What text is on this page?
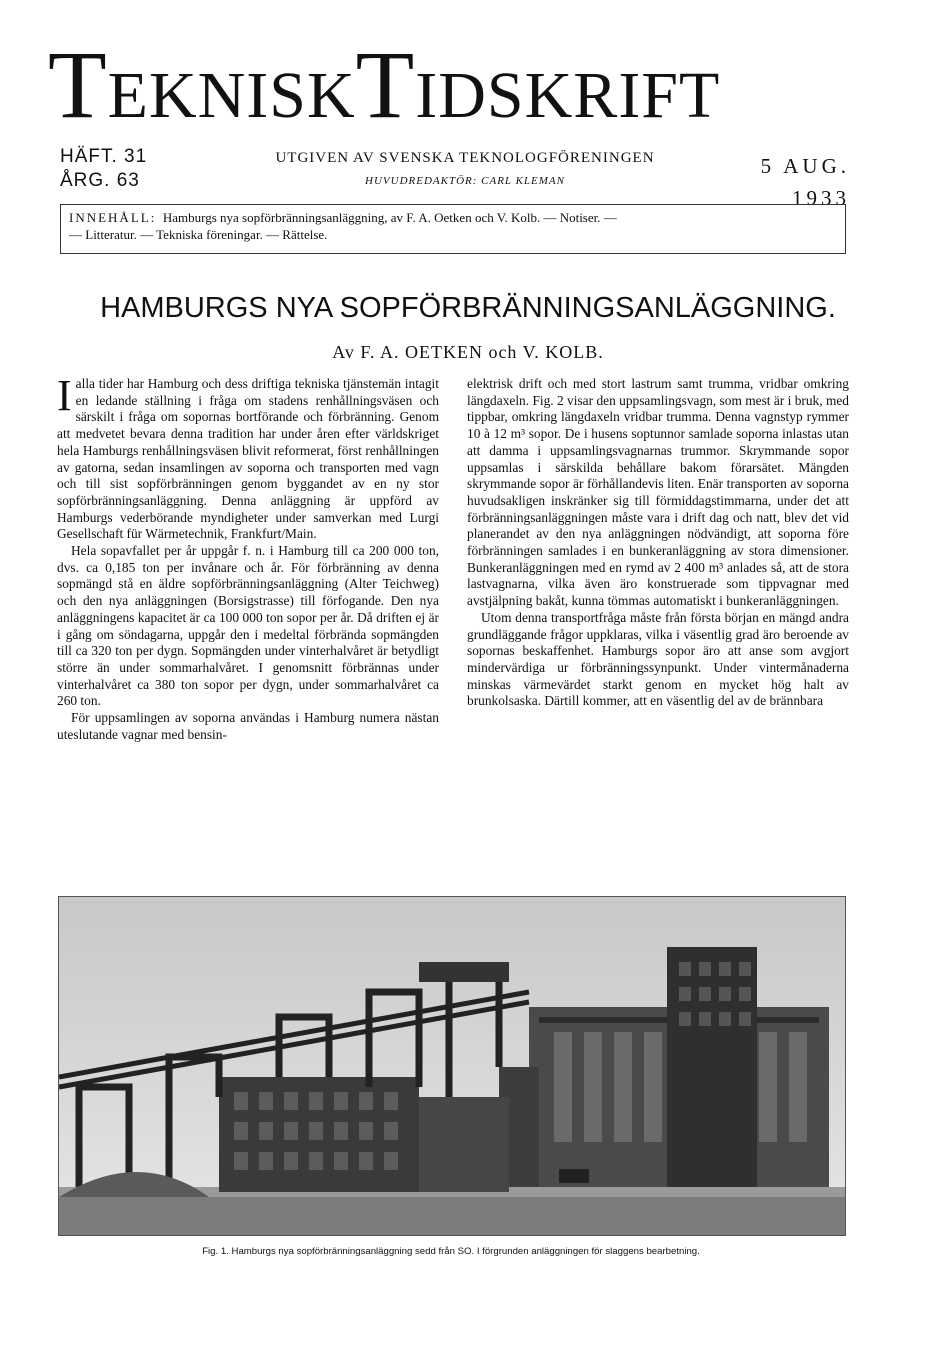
TEKNISKTIDSKRIFT
HÄFT. 31
ÅRG. 63
UTGIVEN AV SVENSKA TEKNOLOGFÖRENINGEN
HUVUDREDAKTÖR: CARL KLEMAN
5 AUG.
1933
INNEHÅLL: Hamburgs nya sopförbränningsanläggning, av F. A. Oetken och V. Kolb. — Notiser. —
— Litteratur. — Tekniska föreningar. — Rättelse.
HAMBURGS NYA SOPFÖRBRÄNNINGSANLÄGGNING.
Av F. A. OETKEN och V. KOLB.

Ialla tider har Hamburg och dess driftiga tekniska tjänstemän intagit en ledande ställning i fråga om stadens renhållningsväsen och särskilt i fråga om sopornas bortförande och förbränning. Genom att medvetet bevara denna tradition har under åren efter världskriget hela Hamburgs renhållningsväsen blivit reformerat, först renhållningen av gatorna, sedan insamlingen av soporna och transporten med vagn och till sist sopförbränningen genom byggandet av en ny stor sopförbränningsanläggning. Denna anläggning är uppförd av Hamburgs vederbörande myndigheter under samverkan med Lurgi Gesellschaft für Wärmetechnik, Frankfurt/Main.

Hela sopavfallet per år uppgår f. n. i Hamburg till ca 200 000 ton, dvs. ca 0,185 ton per invånare och år. För förbränning av denna sopmängd stå en äldre sopförbränningsanläggning (Alter Teichweg) och den nya anläggningen (Borsigstrasse) till förfogande. Den nya anläggningens kapacitet är ca 100 000 ton sopor per år. Då driften ej är i gång om söndagarna, uppgår den i medeltal förbrända sopmängden till ca 320 ton per dygn. Sopmängden under vinterhalvåret är betydligt större än under sommarhalvåret. I genomsnitt förbrännas under vinterhalvåret ca 380 ton sopor per dygn, under sommarhalvåret ca 260 ton.

För uppsamlingen av soporna användas i Hamburg numera nästan uteslutande vagnar med bensin-

elektrisk drift och med stort lastrum samt trumma, vridbar omkring längdaxeln. Fig. 2 visar den uppsamlingsvagn, som mest är i bruk, med tippbar, omkring längdaxeln vridbar trumma. Denna vagnstyp rymmer 10 à 12 m³ sopor. De i husens soptunnor samlade soporna inlastas utan att damma i uppsamlingsvagnarnas trummor. Skrymmande sopor uppsamlas i särskilda behållare bakom förarsätet. Mängden skrymmande sopor är förhållandevis liten. Enär transporten av soporna huvudsakligen inskränker sig till förmiddagstimmarna, under det att förbränningsanläggningen måste vara i drift dag och natt, blev det vid planerandet av den nya anläggningen nödvändigt, att soporna före förbränningen samlades i en bunkeranläggning av stora dimensioner. Bunkeranläggningen med en rymd av 2 400 m³ anlades så, att de stora lastvagnarna, vilka även äro konstruerade som tippvagnar med avstjälpning bakåt, kunna tömmas automatiskt i bunkeranläggningen.

Utom denna transportfråga måste från första början en mängd andra grundläggande frågor uppklaras, vilka i väsentlig grad äro beroende av sopornas beskaffenhet. Hamburgs sopor äro att anse som avgjort mindervärdiga ur förbränningssynpunkt. Under vintermånaderna minskas värmevärdet starkt genom en mycket hög halt av brunkolsaska. Därtill kommer, att en väsentlig del av de brännbara

Fig. 1. Hamburgs nya sopförbränningsanläggning sedd från SO. I förgrunden anläggningen för slaggens bearbetning.
